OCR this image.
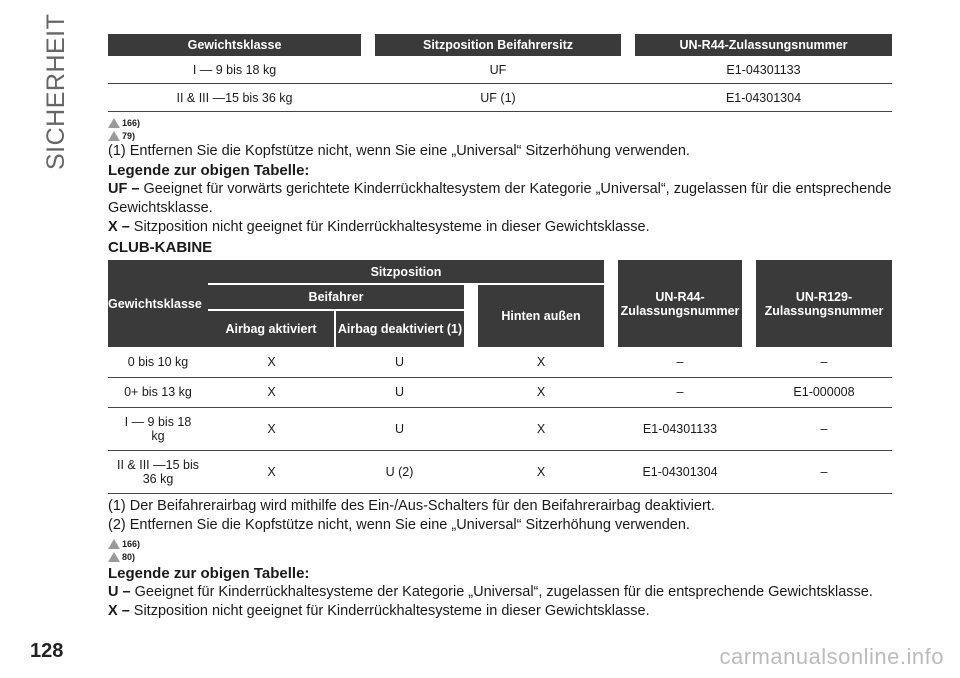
SICHERHEIT	Gewichtsklasse		Sitzposition Beifahrersitz		UN-R44-Zulassungsnummer
I — 9 bis 18 kg		UF		E1-04301133
II & III —15 bis 36 kg		UF (1)		E1-04301304
166)
79)

(1) Entfernen Sie die Kopfstütze nicht, wenn Sie eine „Universal“ Sitzerhöhung verwenden.

Legende zur obigen Tabelle:

UF – Geeignet für vorwärts gerichtete Kinderrückhaltesystem der Kategorie „Universal“, zugelassen für die entsprechende Gewichtsklasse.

X – Sitzposition nicht geeignet für Kinderrückhaltesysteme in dieser Gewichtsklasse.

CLUB-KABINE
Gewichtsklasse	Sitzposition					UN-R44-Zulassungsnummer		UN-R129-Zulassungsnummer
	Beifahrer			Hinten außen				
	Airbag aktiviert	Airbag deaktiviert (1)						
0 bis 10 kg	X	U		X		–		–
0+ bis 13 kg	X	U		X		–		E1-000008

I — 9 bis 18 kg	X	U		X		E1-04301133		–

II & III —15 bis 36 kg	X	U (2)		X		E1-04301304		–

(1) Der Beifahrerairbag wird mithilfe des Ein-/Aus-Schalters für den Beifahrerairbag deaktiviert.

(2) Entfernen Sie die Kopfstütze nicht, wenn Sie eine „Universal“ Sitzerhöhung verwenden.

166)
80)
Legende zur obigen Tabelle:

U – Geeignet für Kinderrückhaltesysteme der Kategorie „Universal“, zugelassen für die entsprechende Gewichtsklasse.

X – Sitzposition nicht geeignet für Kinderrückhaltesysteme in dieser Gewichtsklasse.

128	carmanualsonline.info
